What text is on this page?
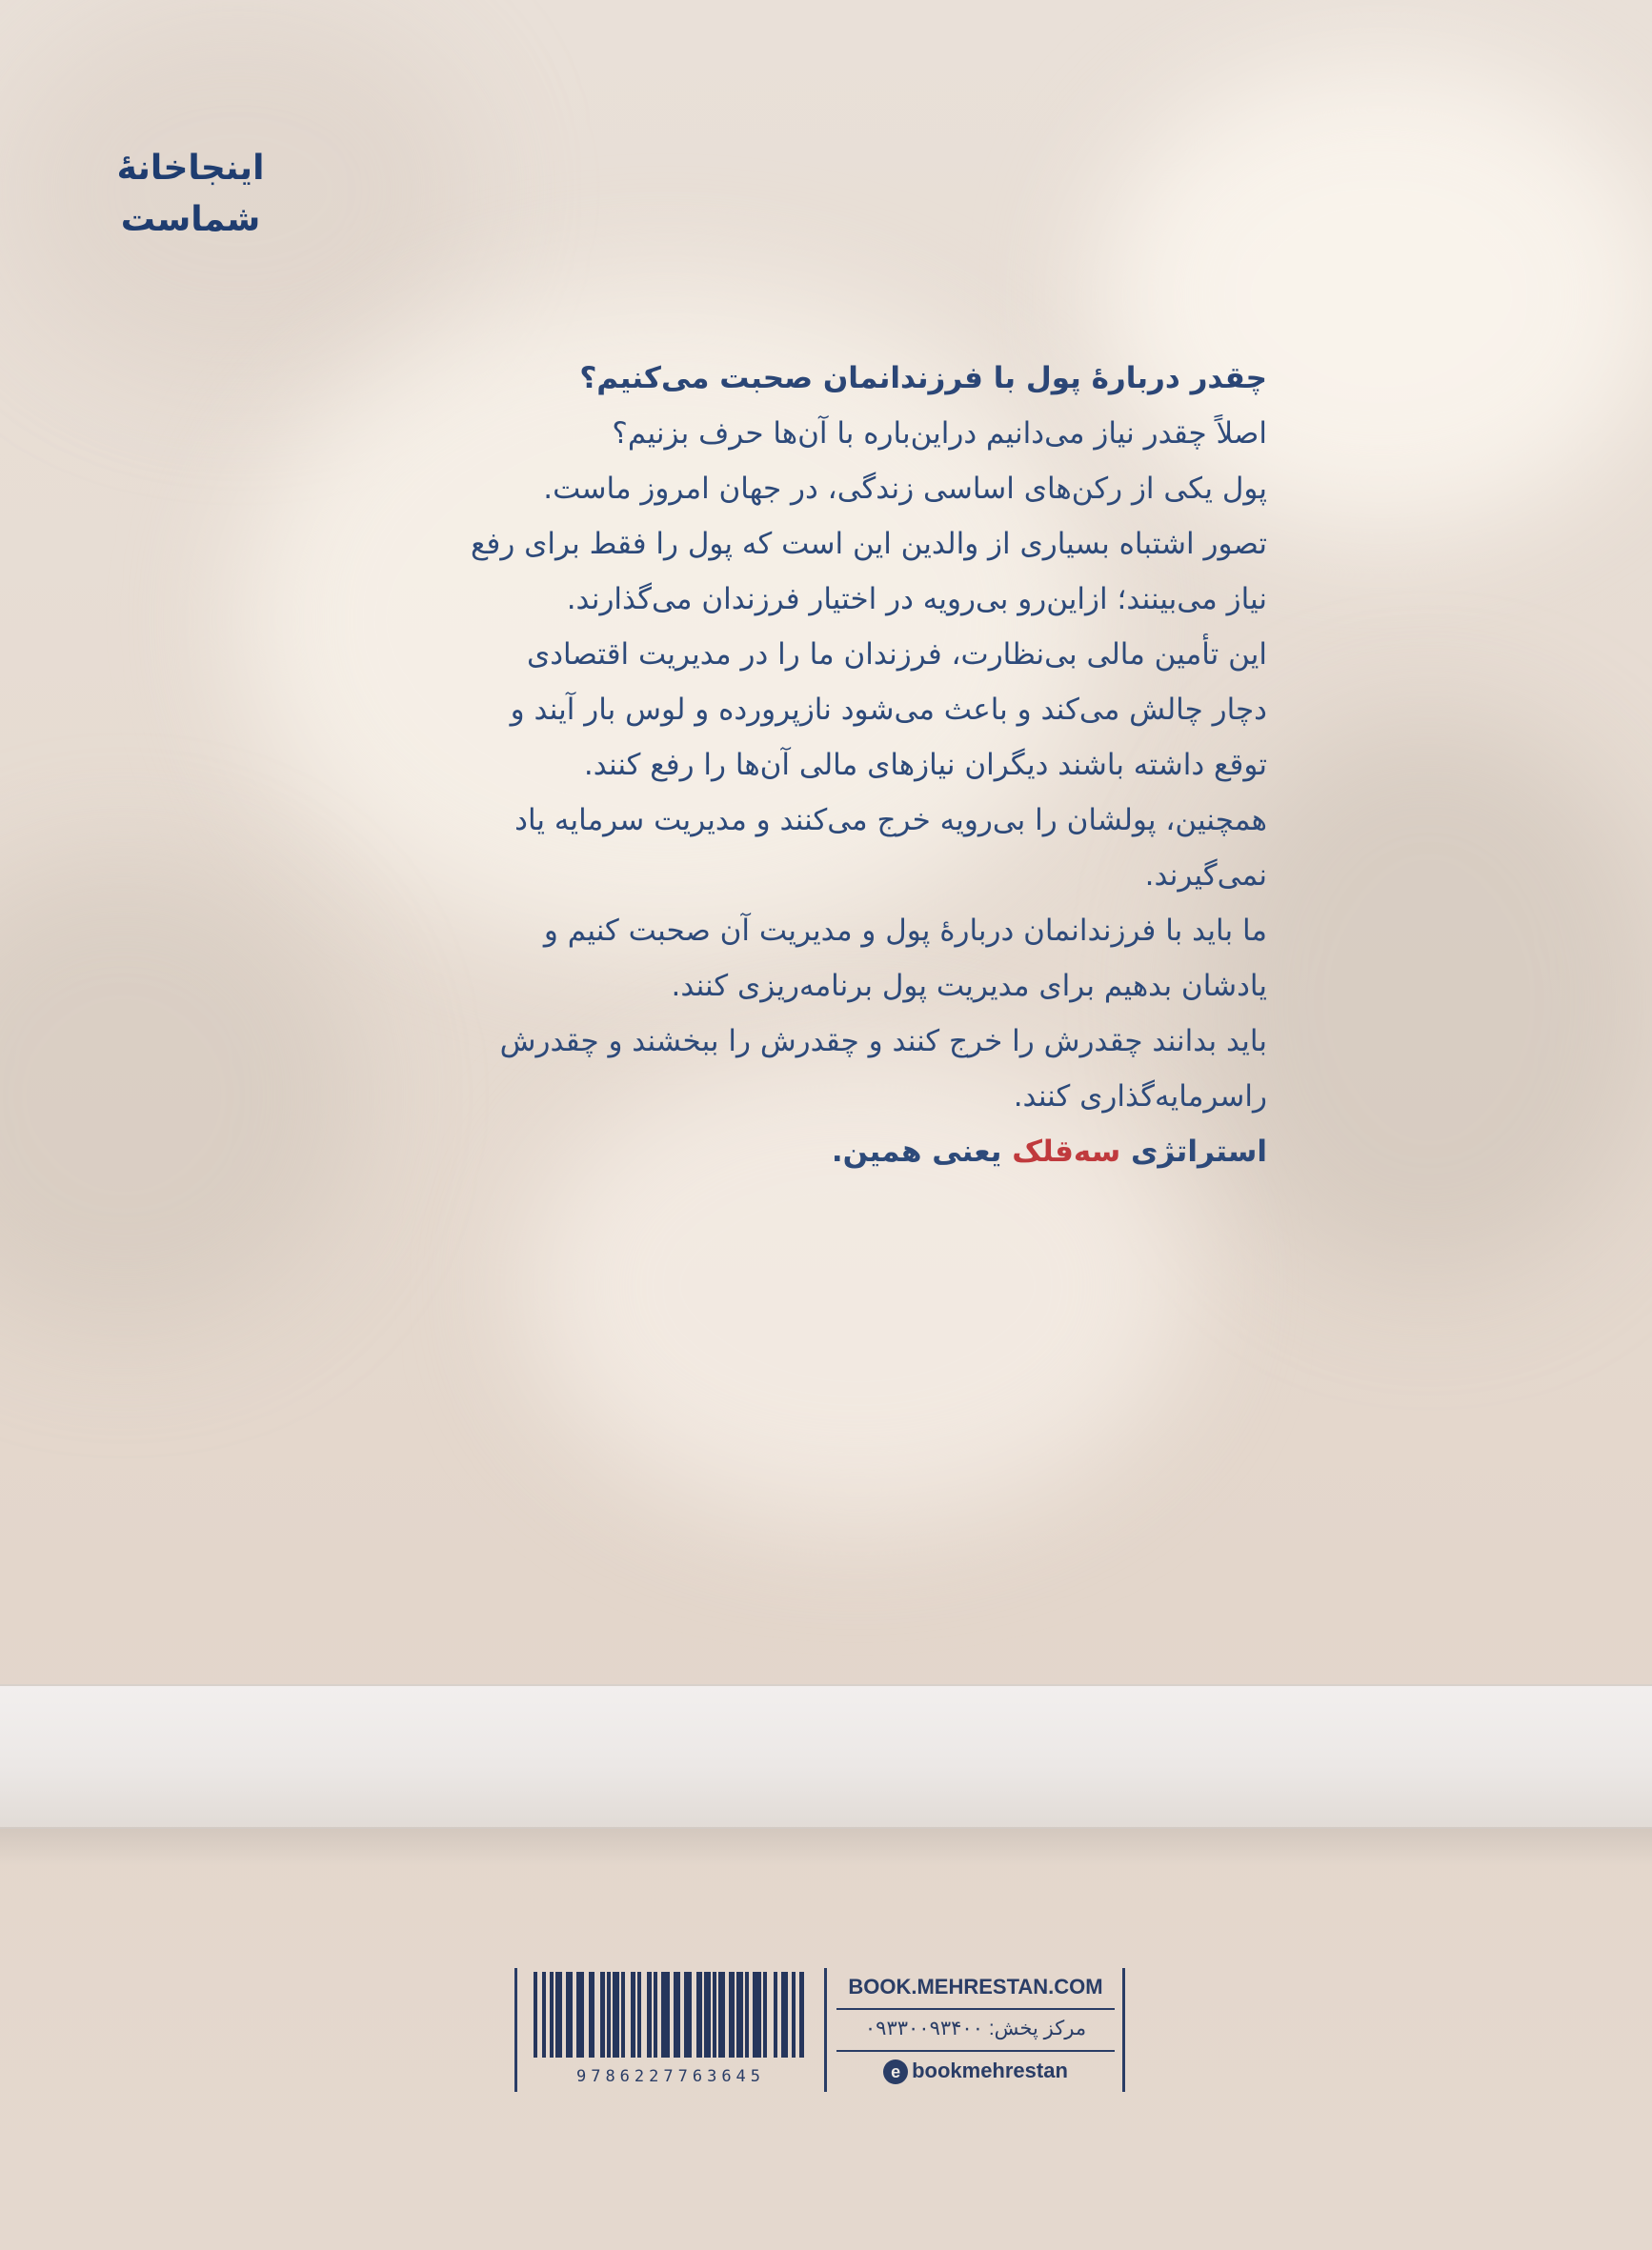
اینجاخانهٔ
شماست

چقدر دربارهٔ پول با فرزندانمان صحبت می‌کنیم؟

اصلاً چقدر نیاز می‌دانیم دراین‌باره با آن‌ها حرف بزنیم؟

پول یکی از رکن‌های اساسی زندگی، در جهان امروز ماست.

تصور اشتباه بسیاری از والدین این است که پول را فقط برای رفع

نیاز می‌بینند؛ ازاین‌رو بی‌رویه در اختیار فرزندان می‌گذارند.

این تأمین مالی بی‌نظارت، فرزندان ما را در مدیریت اقتصادی

دچار چالش می‌کند و باعث می‌شود نازپرورده و لوس بار آیند و

توقع داشته باشند دیگران نیازهای مالی آن‌ها را رفع کنند.

همچنین، پولشان را بی‌رویه خرج می‌کنند و مدیریت سرمایه یاد

نمی‌گیرند.

ما باید با فرزندانمان دربارهٔ پول و مدیریت آن صحبت کنیم و

یادشان بدهیم برای مدیریت پول برنامه‌ریزی کنند.

باید بدانند چقدرش را خرج کنند و چقدرش را ببخشند و چقدرش

راسرمایه‌گذاری کنند.

استراتژی سه‌قلک یعنی همین.

9786227763645
BOOK.MEHRESTAN.COM
مرکز پخش: ۰۹۳۳۰۰۹۳۴۰۰
e bookmehrestan
